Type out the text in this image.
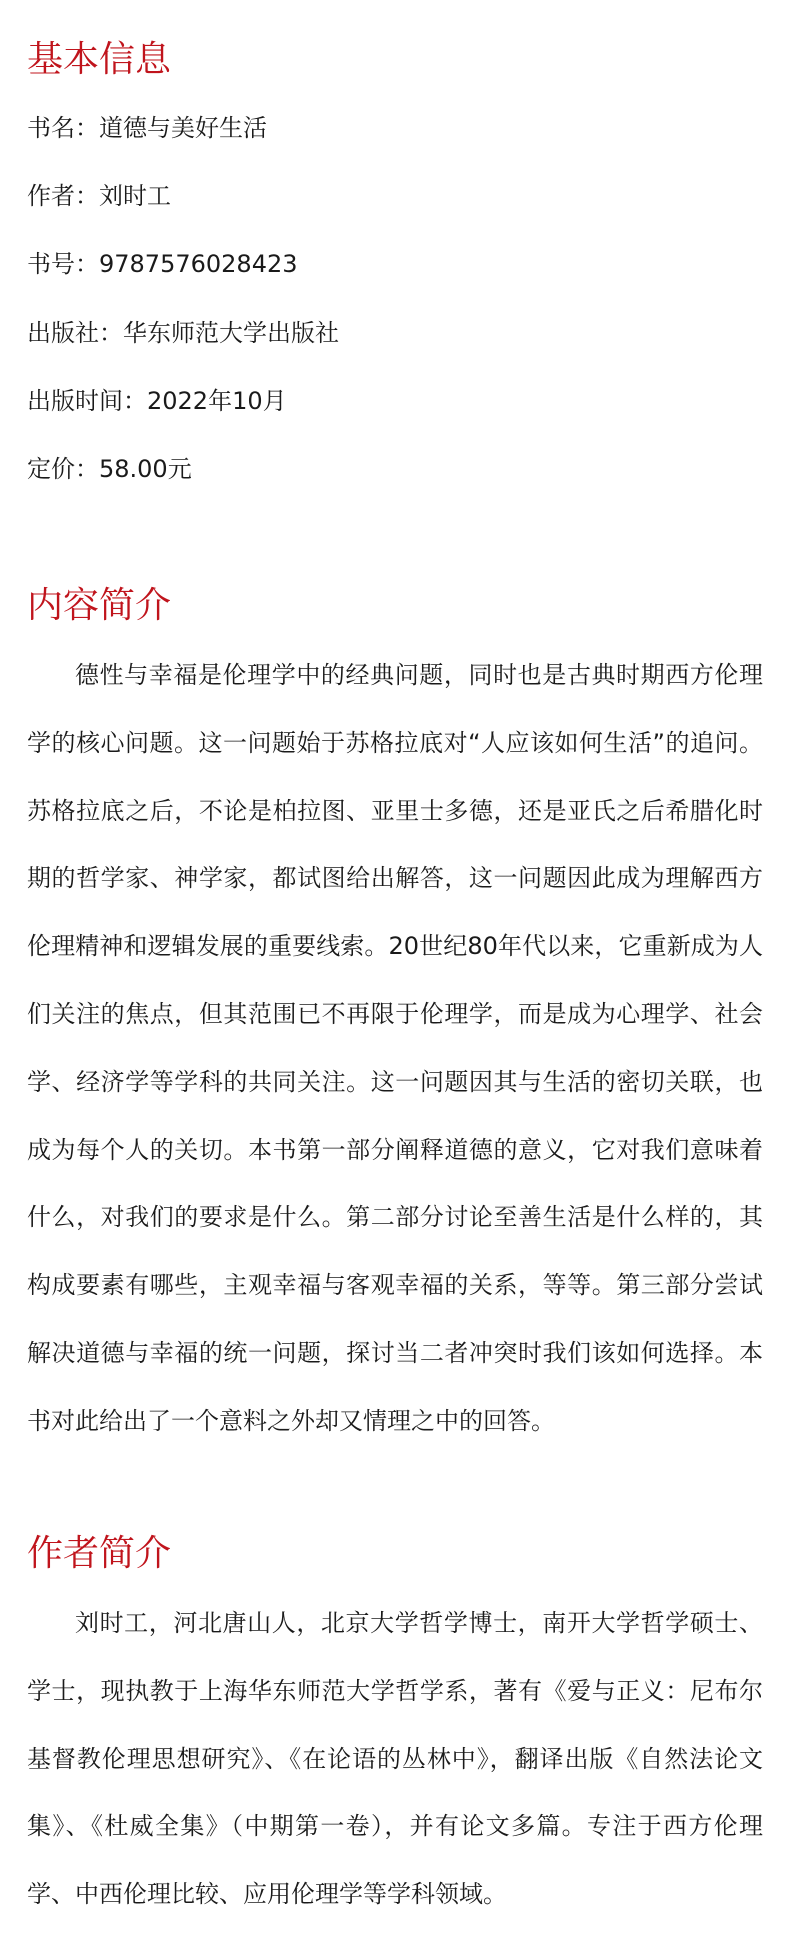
基本信息

书名：道德与美好生活

作者：刘时工

书号：9787576028423

出版社：华东师范大学出版社

出版时间：2022年10月

定价：58.00元

内容简介

德性与幸福是伦理学中的经典问题，同时也是古典时期西方伦理学的核心问题。这一问题始于苏格拉底对“人应该如何生活”的追问。苏格拉底之后，不论是柏拉图、亚里士多德，还是亚氏之后希腊化时期的哲学家、神学家，都试图给出解答，这一问题因此成为理解西方伦理精神和逻辑发展的重要线索。20世纪80年代以来，它重新成为人们关注的焦点，但其范围已不再限于伦理学，而是成为心理学、社会学、经济学等学科的共同关注。这一问题因其与生活的密切关联，也成为每个人的关切。本书第一部分阐释道德的意义，它对我们意味着什么，对我们的要求是什么。第二部分讨论至善生活是什么样的，其构成要素有哪些，主观幸福与客观幸福的关系，等等。第三部分尝试解决道德与幸福的统一问题，探讨当二者冲突时我们该如何选择。本书对此给出了一个意料之外却又情理之中的回答。

作者简介

刘时工，河北唐山人，北京大学哲学博士，南开大学哲学硕士、学士，现执教于上海华东师范大学哲学系，著有《爱与正义：尼布尔基督教伦理思想研究》、《在论语的丛林中》，翻译出版《自然法论文集》、《杜威全集》（中期第一卷），并有论文多篇。专注于西方伦理学、中西伦理比较、应用伦理学等学科领域。
